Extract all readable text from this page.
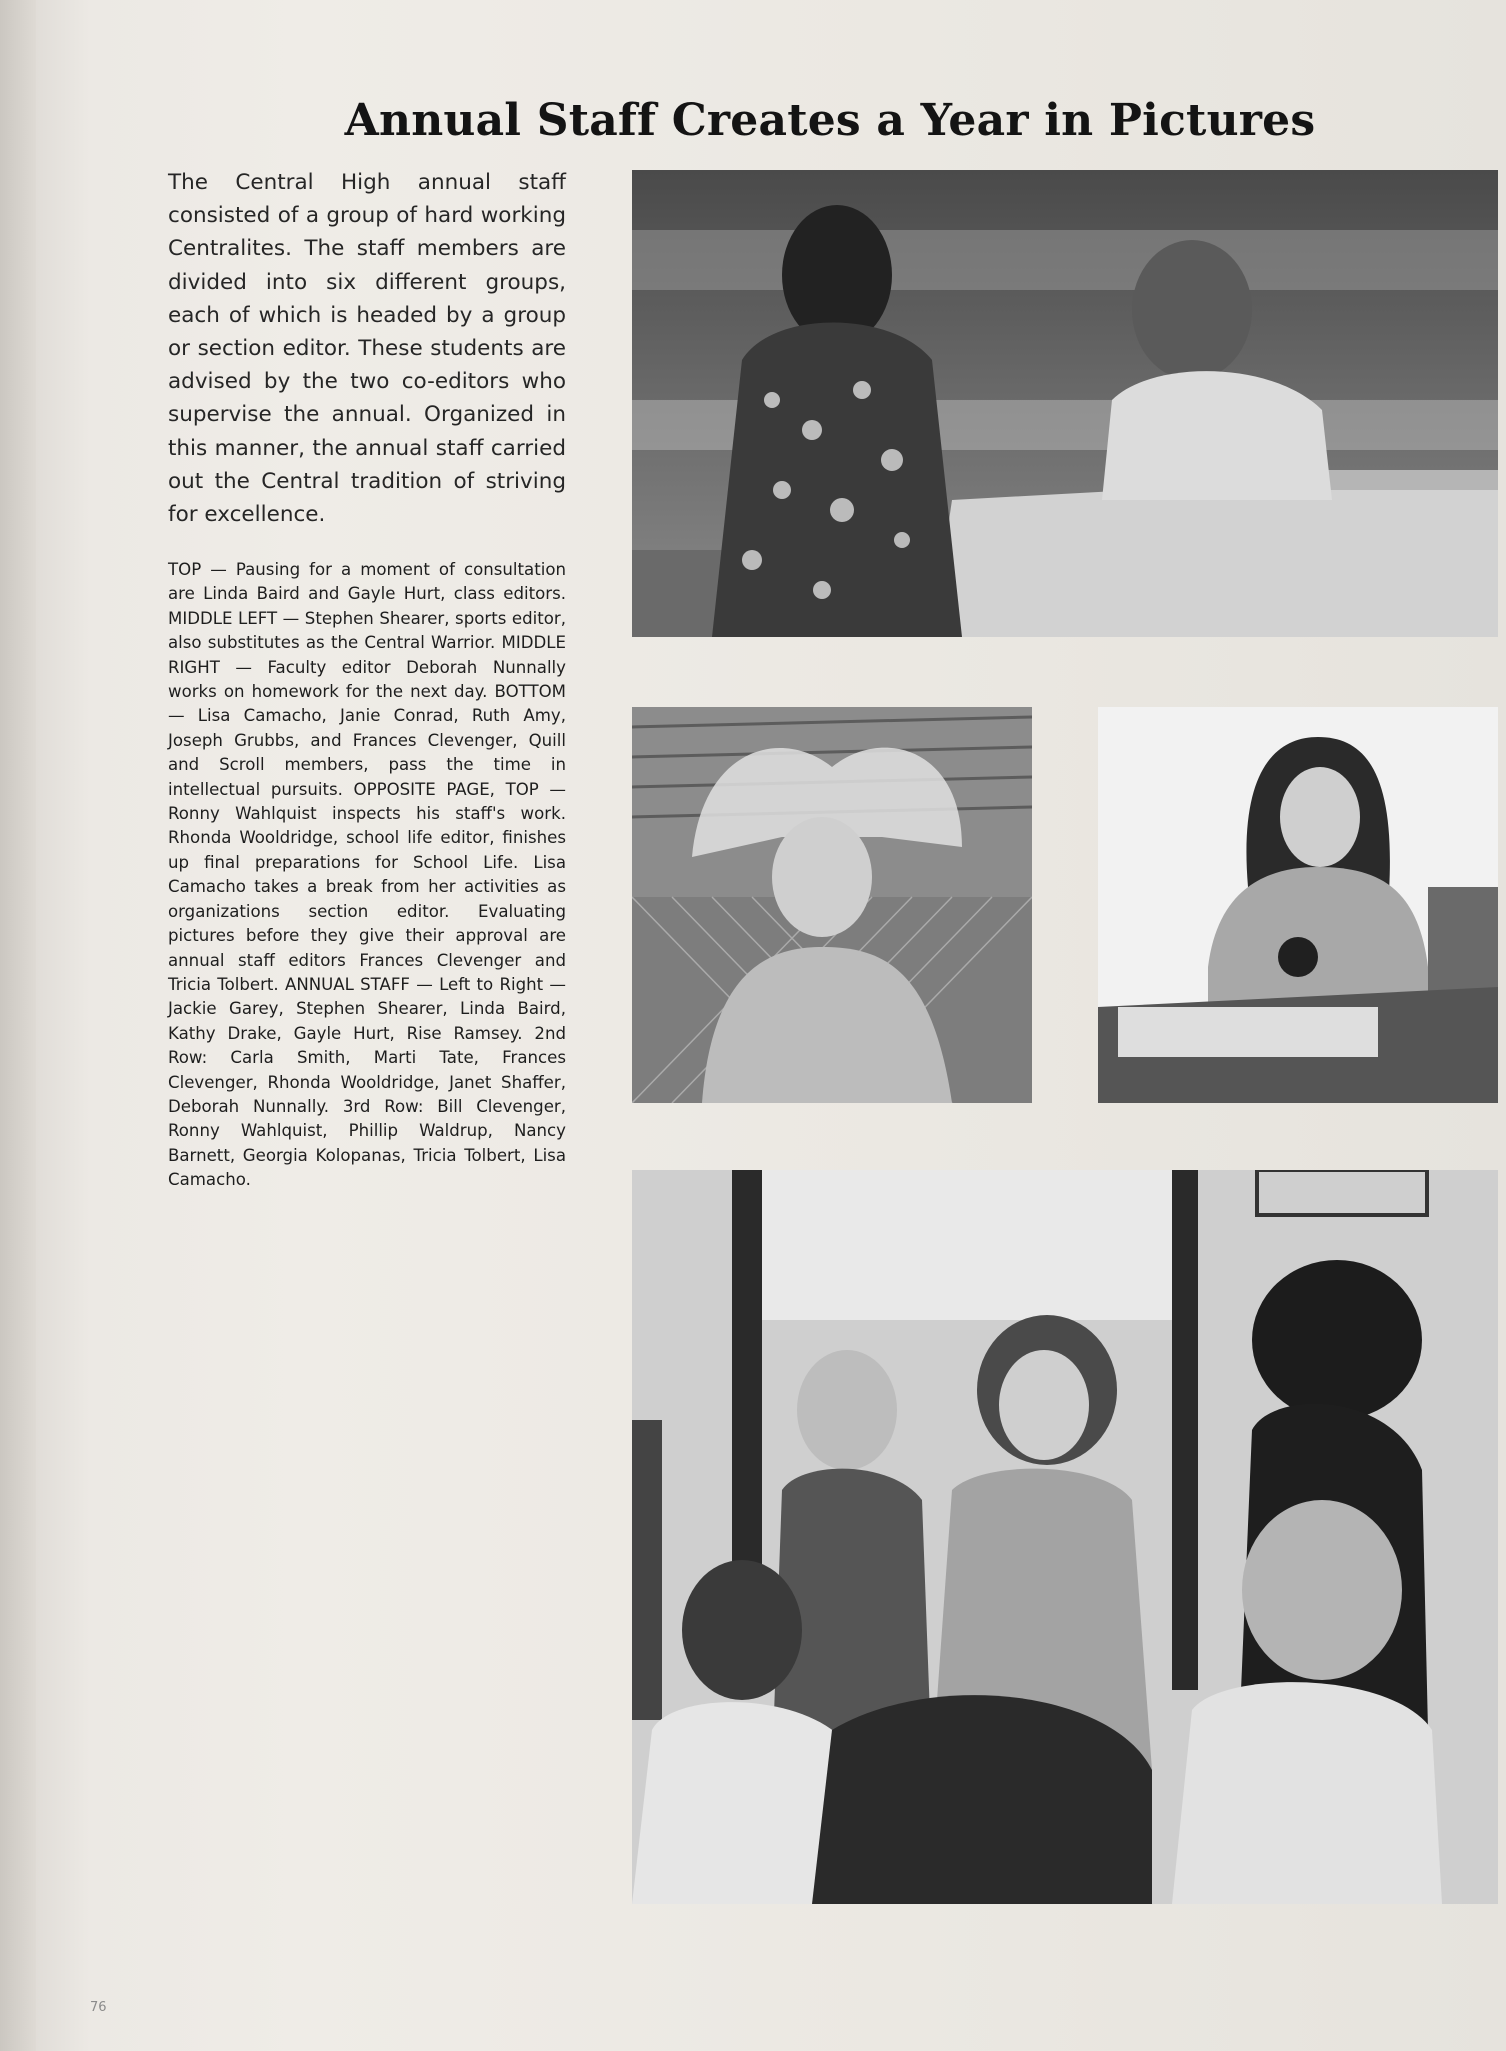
Annual Staff Creates a Year in Pictures

The Central High annual staff consisted of a group of hard working Centralites. The staff members are divided into six different groups, each of which is headed by a group or section editor. These students are advised by the two co-editors who supervise the annual. Organized in this manner, the annual staff carried out the Central tradition of striving for excellence.

TOP — Pausing for a moment of consultation are Linda Baird and Gayle Hurt, class editors. MIDDLE LEFT — Stephen Shearer, sports editor, also substitutes as the Central Warrior. MIDDLE RIGHT — Faculty editor Deborah Nunnally works on homework for the next day. BOTTOM — Lisa Camacho, Janie Conrad, Ruth Amy, Joseph Grubbs, and Frances Clevenger, Quill and Scroll members, pass the time in intellectual pursuits. OPPOSITE PAGE, TOP — Ronny Wahlquist inspects his staff's work. Rhonda Wooldridge, school life editor, finishes up final preparations for School Life. Lisa Camacho takes a break from her activities as organizations section editor. Evaluating pictures before they give their approval are annual staff editors Frances Clevenger and Tricia Tolbert. ANNUAL STAFF — Left to Right — Jackie Garey, Stephen Shearer, Linda Baird, Kathy Drake, Gayle Hurt, Rise Ramsey. 2nd Row: Carla Smith, Marti Tate, Frances Clevenger, Rhonda Wooldridge, Janet Shaffer, Deborah Nunnally. 3rd Row: Bill Clevenger, Ronny Wahlquist, Phillip Waldrup, Nancy Barnett, Georgia Kolopanas, Tricia Tolbert, Lisa Camacho.

76
